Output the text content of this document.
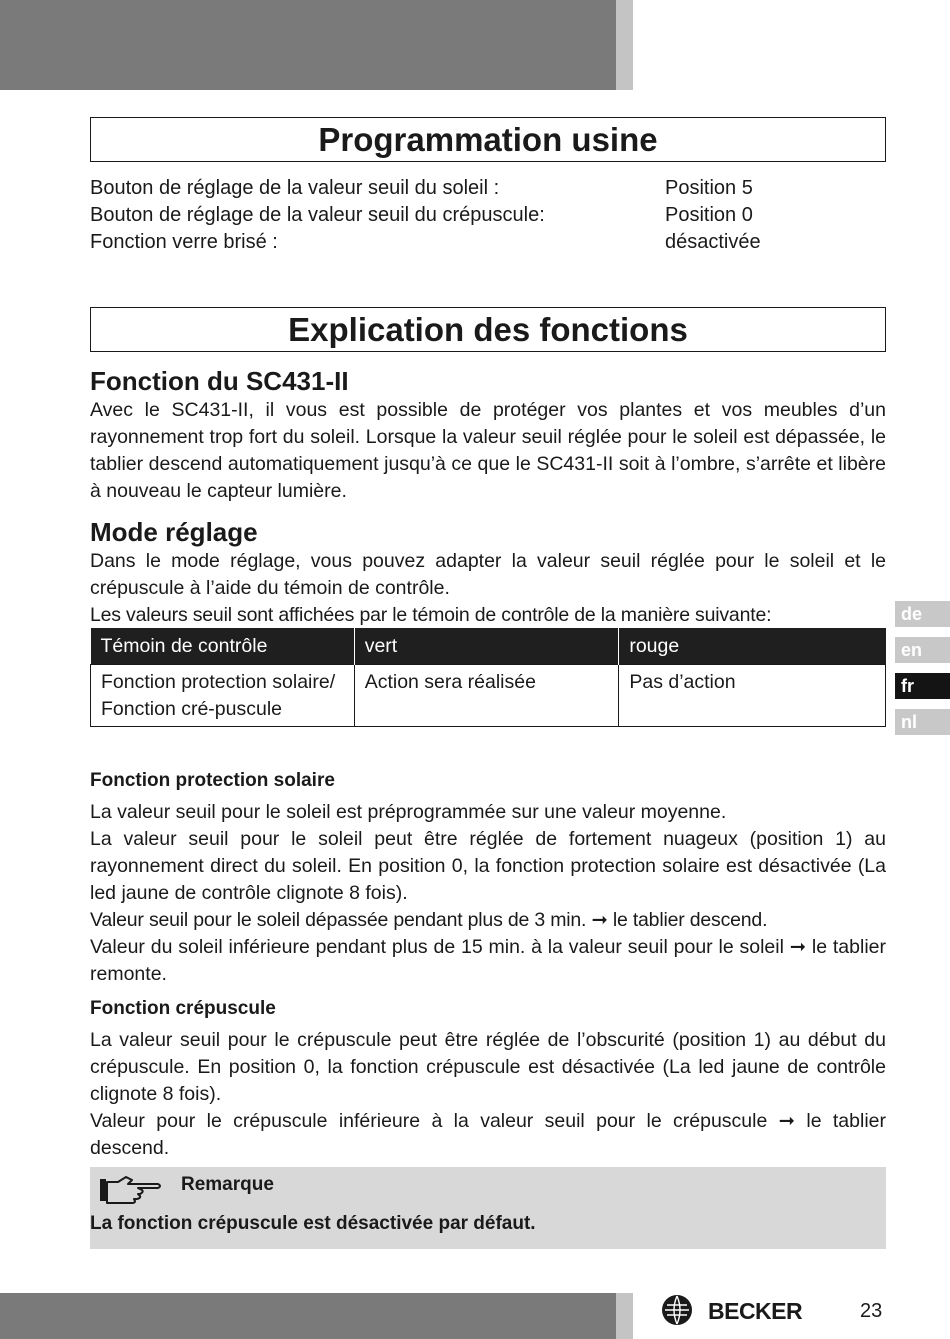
Programmation usine
Bouton de réglage de la valeur seuil du soleil :	Position 5
Bouton de réglage de la valeur seuil du crépuscule:	Position 0
Fonction verre brisé :	désactivée
Explication des fonctions
Fonction du SC431-II

Avec le SC431-II, il vous est possible de protéger vos plantes et vos meubles d’un rayonnement trop fort du soleil. Lorsque la valeur seuil réglée pour le soleil est dépassée, le tablier descend automatiquement jusqu’à ce que le SC431-II soit à l’ombre, s’arrête et libère à nouveau le capteur lumière.

Mode réglage

Dans le mode réglage, vous pouvez adapter la valeur seuil réglée pour le soleil et le crépuscule à l’aide du témoin de contrôle.

Les valeurs seuil sont affichées par le témoin de contrôle de la manière suivante:

Témoin de contrôle	vert	rouge
Fonction protection solaire/ Fonction cré-puscule	Action sera réalisée	Pas d’action
Fonction protection solaire

La valeur seuil pour le soleil est préprogrammée sur une valeur moyenne.

La valeur seuil pour le soleil peut être réglée de fortement nuageux (position 1) au rayonnement direct du soleil. En position 0, la fonction protection solaire est désactivée (La led jaune de contrôle clignote 8 fois).

Valeur seuil pour le soleil dépassée pendant plus de 3 min. ➞ le tablier descend.

Valeur du soleil inférieure pendant plus de 15 min. à la valeur seuil pour le soleil ➞ le tablier remonte.

Fonction crépuscule

La valeur seuil pour le crépuscule peut être réglée de l’obscurité (position 1) au début du crépuscule. En position 0, la fonction crépuscule est désactivée (La led jaune de contrôle clignote 8 fois).

Valeur pour le crépuscule inférieure à la valeur seuil pour le crépuscule ➞ le tablier descend.

Remarque
La fonction crépuscule est désactivée par défaut.
de
en
fr
nl
BECKER	23
